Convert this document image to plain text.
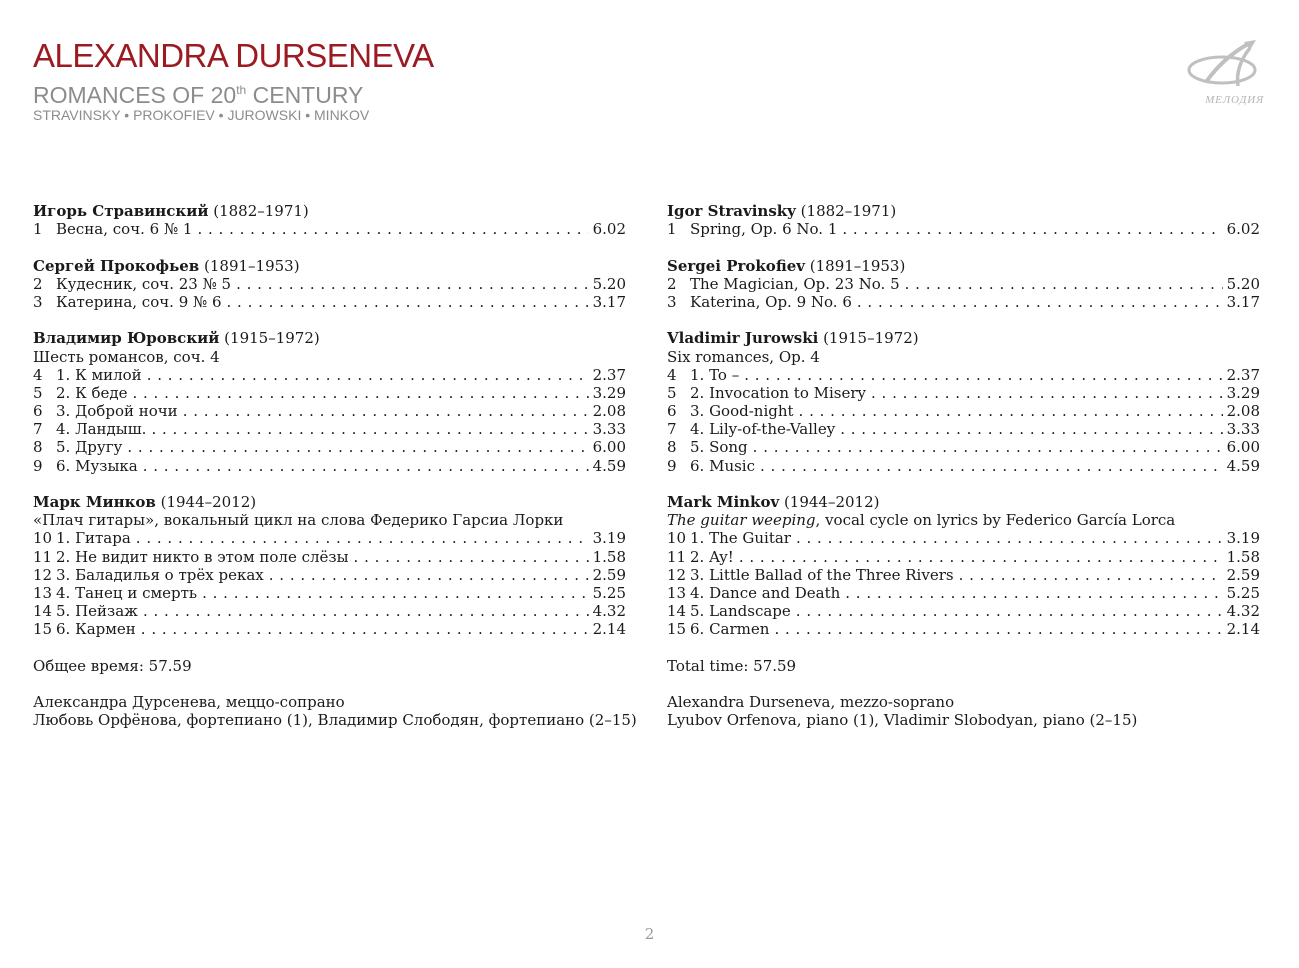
ALEXANDRA DURSENEVA
ROMANCES OF 20th CENTURY
STRAVINSKY • PROKOFIEV • JUROWSKI • MINKOV
МЕЛОДИЯ
Игорь Стравинский (1882–1971)
1 Весна, соч. 6 № 1 . . .	6.02
Сергей Прокофьев (1891–1953)
2 Кудесник, соч. 23 № 5 . . .	5.20
3 Катерина, соч. 9 № 6 . . .	3.17
Владимир Юровский (1915–1972)
Шесть романсов, соч. 4
4 1. К милой . . .	2.37
5 2. К беде . . .	3.29
6 3. Доброй ночи . . .	2.08
7 4. Ландыш. . . .	3.33
8 5. Другу . . .	6.00
9 6. Музыка . . .	4.59
Марк Минков (1944–2012)
«Плач гитары», вокальный цикл на слова Федерико Гарсиа Лорки
10 1. Гитара . . .	3.19
11 2. Не видит никто в этом поле слёзы . . .	1.58
12 3. Баладилья о трёх реках . . .	2.59
13 4. Танец и смерть . . .	5.25
14 5. Пейзаж . . .	4.32
15 6. Кармен . . .	2.14
Общее время: 57.59
Александра Дурсенева, меццо-сопрано
Любовь Орфёнова, фортепиано (1), Владимир Слободян, фортепиано (2–15)
Igor Stravinsky (1882–1971)
1 Spring, Op. 6 No. 1 . . .	6.02
Sergei Prokofiev (1891–1953)
2 The Magician, Op. 23 No. 5 . . .	5.20
3 Katerina, Op. 9 No. 6 . . .	3.17
Vladimir Jurowski (1915–1972)
Six romances, Op. 4
4 1. To – . . .	2.37
5 2. Invocation to Misery . . .	3.29
6 3. Good-night . . .	2.08
7 4. Lily-of-the-Valley . . .	3.33
8 5. Song . . .	6.00
9 6. Music . . .	4.59
Mark Minkov (1944–2012)
The guitar weeping, vocal cycle on lyrics by Federico García Lorca
10 1. The Guitar . . .	3.19
11 2. Ay! . . .	1.58
12 3. Little Ballad of the Three Rivers . . .	2.59
13 4. Dance and Death . . .	5.25
14 5. Landscape . . .	4.32
15 6. Carmen . . .	2.14
Total time: 57.59
Alexandra Durseneva, mezzo-soprano
Lyubov Orfenova, piano (1), Vladimir Slobodyan, piano (2–15)
2
